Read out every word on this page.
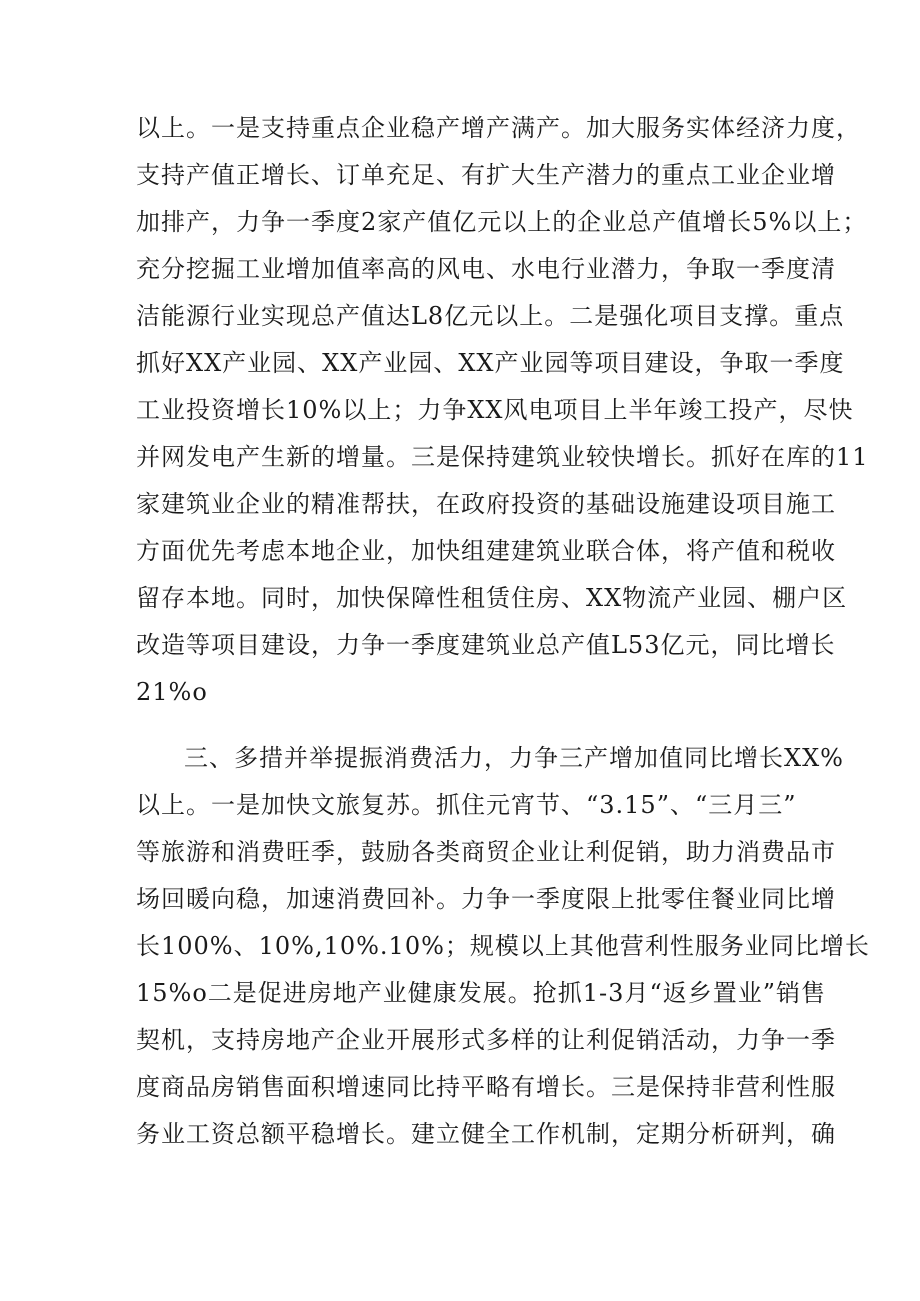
以上。一是支持重点企业稳产增产满产。加大服务实体经济力度，
支持产值正增长、订单充足、有扩大生产潜力的重点工业企业增
加排产，力争一季度2家产值亿元以上的企业总产值增长5%以上；
充分挖掘工业增加值率高的风电、水电行业潜力，争取一季度清
洁能源行业实现总产值达L8亿元以上。二是强化项目支撑。重点
抓好XX产业园、XX产业园、XX产业园等项目建设，争取一季度
工业投资增长10%以上；力争XX风电项目上半年竣工投产，尽快
并网发电产生新的增量。三是保持建筑业较快增长。抓好在库的11
家建筑业企业的精准帮扶，在政府投资的基础设施建设项目施工
方面优先考虑本地企业，加快组建建筑业联合体，将产值和税收
留存本地。同时，加快保障性租赁住房、XX物流产业园、棚户区
改造等项目建设，力争一季度建筑业总产值L53亿元，同比增长
21%o
三、多措并举提振消费活力，力争三产增加值同比增长XX%
以上。一是加快文旅复苏。抓住元宵节、“3.15”、“三月三”
等旅游和消费旺季，鼓励各类商贸企业让利促销，助力消费品市
场回暖向稳，加速消费回补。力争一季度限上批零住餐业同比增
长100%、10%,10%.10%；规模以上其他营利性服务业同比增长
15%o二是促进房地产业健康发展。抢抓1-3月“返乡置业”销售
契机，支持房地产企业开展形式多样的让利促销活动，力争一季
度商品房销售面积增速同比持平略有增长。三是保持非营利性服
务业工资总额平稳增长。建立健全工作机制，定期分析研判，确
